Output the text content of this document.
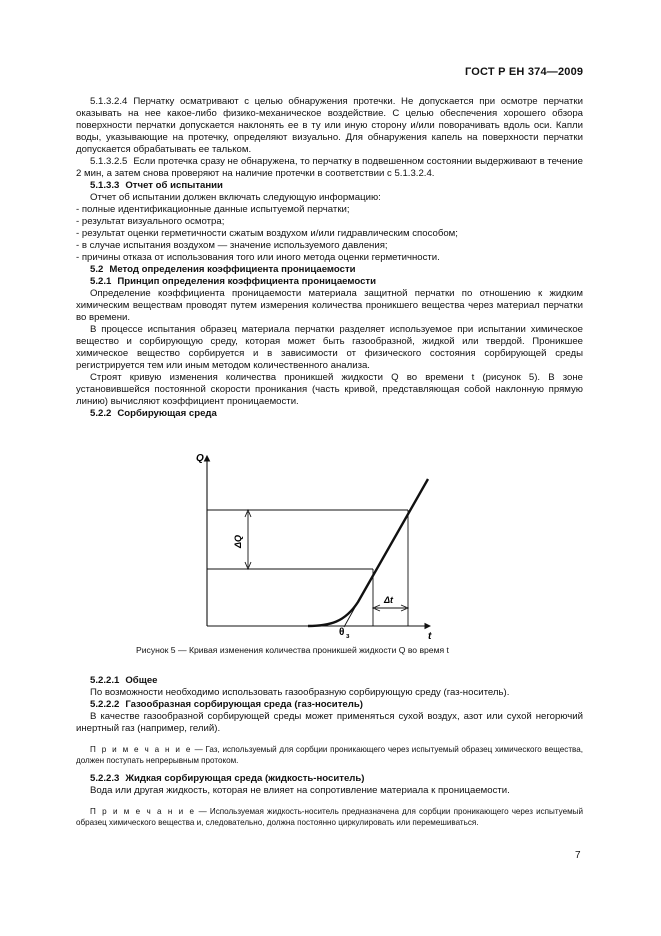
ГОСТ Р ЕН 374—2009

5.1.3.2.4 Перчатку осматривают с целью обнаружения протечки. Не допускается при осмотре перчатки оказывать на нее какое-либо физико-механическое воздействие. С целью обеспечения хорошего обзора поверхности перчатки допускается наклонять ее в ту или иную сторону и/или поворачивать вдоль оси. Капли воды, указывающие на протечку, определяют визуально. Для обнаружения капель на поверхности перчатки допускается обрабатывать ее тальком.

5.1.3.2.5 Если протечка сразу не обнаружена, то перчатку в подвешенном состоянии выдерживают в течение 2 мин, а затем снова проверяют на наличие протечки в соответствии с 5.1.3.2.4.

5.1.3.3 Отчет об испытании

Отчет об испытании должен включать следующую информацию:

- полные идентификационные данные испытуемой перчатки;

- результат визуального осмотра;

- результат оценки герметичности сжатым воздухом и/или гидравлическим способом;

- в случае испытания воздухом — значение используемого давления;

- причины отказа от использования того или иного метода оценки герметичности.

5.2 Метод определения коэффициента проницаемости

5.2.1 Принцип определения коэффициента проницаемости

Определение коэффициента проницаемости материала защитной перчатки по отношению к жидким химическим веществам проводят путем измерения количества проникшего вещества через материал перчатки во времени.

В процессе испытания образец материала перчатки разделяет используемое при испытании химическое вещество и сорбирующую среду, которая может быть газообразной, жидкой или твердой. Проникшее химическое вещество сорбируется и в зависимости от физического состояния сорбирующей среды регистрируется тем или иным методом количественного анализа.

Строят кривую изменения количества проникшей жидкости Q во времени t (рисунок 5). В зоне установившейся постоянной скорости проникания (часть кривой, представляющая собой наклонную прямую линию) вычисляют коэффициент проницаемости.

5.2.2 Сорбирующая среда

Q
t
ΔQ
Δt
θ з
Рисунок 5 — Кривая изменения количества проникшей жидкости Q во время t

5.2.2.1 Общее

По возможности необходимо использовать газообразную сорбирующую среду (газ-носитель).

5.2.2.2 Газообразная сорбирующая среда (газ-носитель)

В качестве газообразной сорбирующей среды может применяться сухой воздух, азот или сухой негорючий инертный газ (например, гелий).

П р и м е ч а н и е — Газ, используемый для сорбции проникающего через испытуемый образец химического вещества, должен поступать непрерывным протоком.

5.2.2.3 Жидкая сорбирующая среда (жидкость-носитель)

Вода или другая жидкость, которая не влияет на сопротивление материала к проницаемости.

П р и м е ч а н и е — Используемая жидкость-носитель предназначена для сорбции проникающего через испытуемый образец химического вещества и, следовательно, должна постоянно циркулировать или перемешиваться.

7
